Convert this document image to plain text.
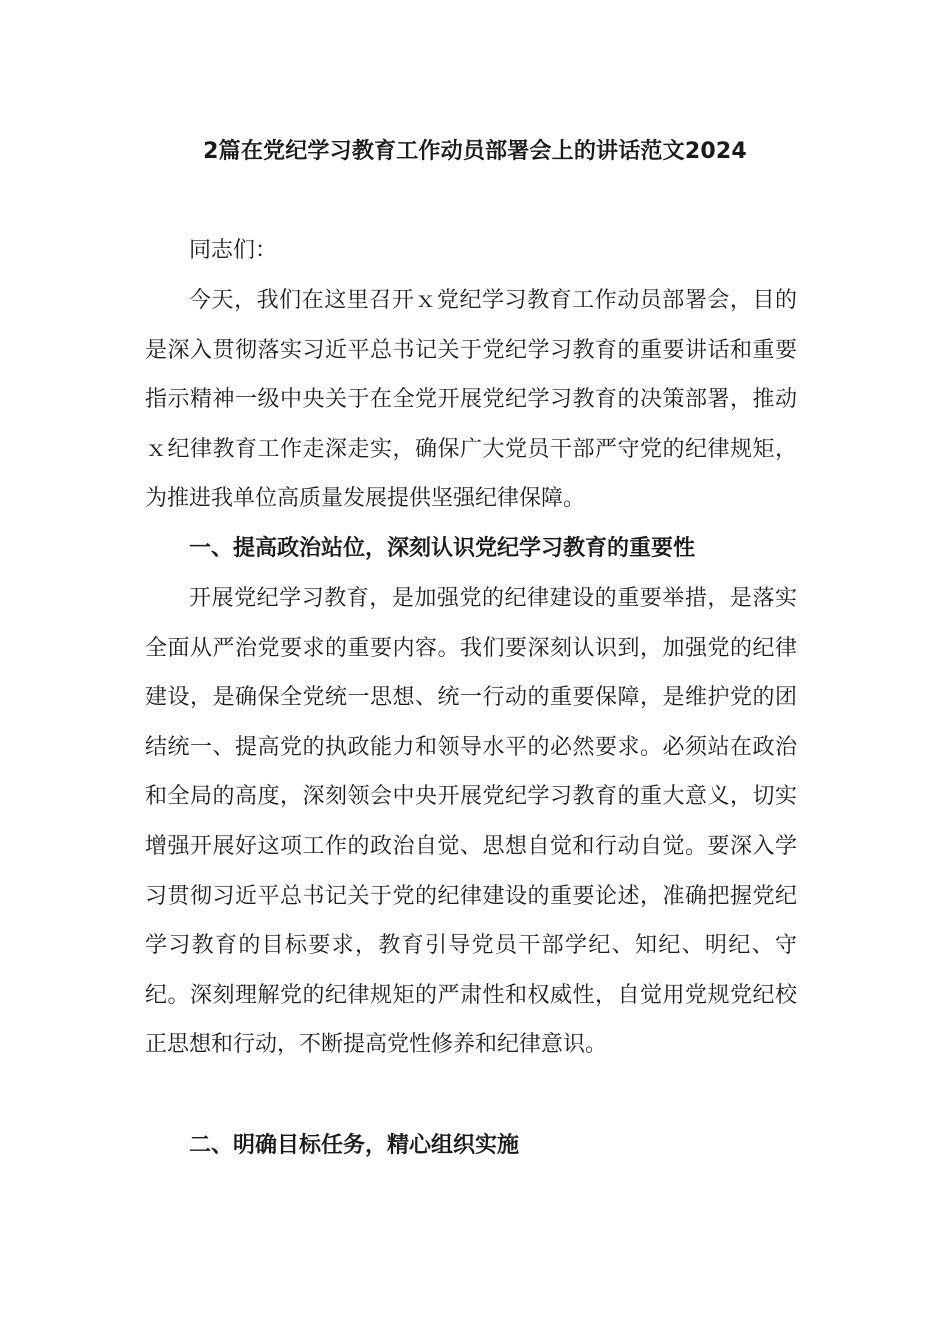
2篇在党纪学习教育工作动员部署会上的讲话范文2024

同志们：

今天，我们在这里召开ｘ党纪学习教育工作动员部署会，目的是深入贯彻落实习近平总书记关于党纪学习教育的重要讲话和重要指示精神一级中央关于在全党开展党纪学习教育的决策部署，推动ｘ纪律教育工作走深走实，确保广大党员干部严守党的纪律规矩，为推进我单位高质量发展提供坚强纪律保障。

一、提高政治站位，深刻认识党纪学习教育的重要性

开展党纪学习教育，是加强党的纪律建设的重要举措，是落实全面从严治党要求的重要内容。我们要深刻认识到，加强党的纪律建设，是确保全党统一思想、统一行动的重要保障，是维护党的团结统一、提高党的执政能力和领导水平的必然要求。必须站在政治和全局的高度，深刻领会中央开展党纪学习教育的重大意义，切实增强开展好这项工作的政治自觉、思想自觉和行动自觉。要深入学习贯彻习近平总书记关于党的纪律建设的重要论述，准确把握党纪学习教育的目标要求，教育引导党员干部学纪、知纪、明纪、守纪。深刻理解党的纪律规矩的严肃性和权威性，自觉用党规党纪校正思想和行动，不断提高党性修养和纪律意识。

二、明确目标任务，精心组织实施
